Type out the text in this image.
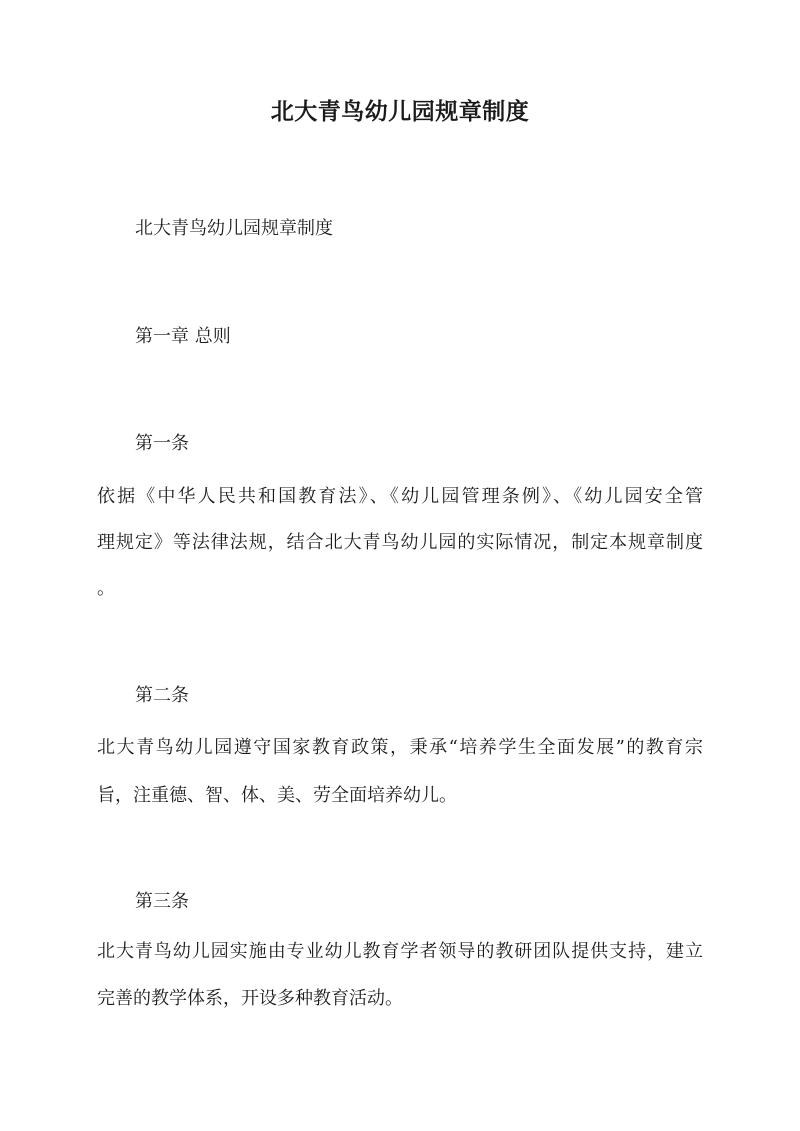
北大青鸟幼儿园规章制度

北大青鸟幼儿园规章制度

第一章 总则

第一条

依据《中华人民共和国教育法》、《幼儿园管理条例》、《幼儿园安全管

理规定》等法律法规，结合北大青鸟幼儿园的实际情况，制定本规章制度

。

第二条

北大青鸟幼儿园遵守国家教育政策，秉承“培养学生全面发展”的教育宗

旨，注重德、智、体、美、劳全面培养幼儿。

第三条

北大青鸟幼儿园实施由专业幼儿教育学者领导的教研团队提供支持，建立

完善的教学体系，开设多种教育活动。
